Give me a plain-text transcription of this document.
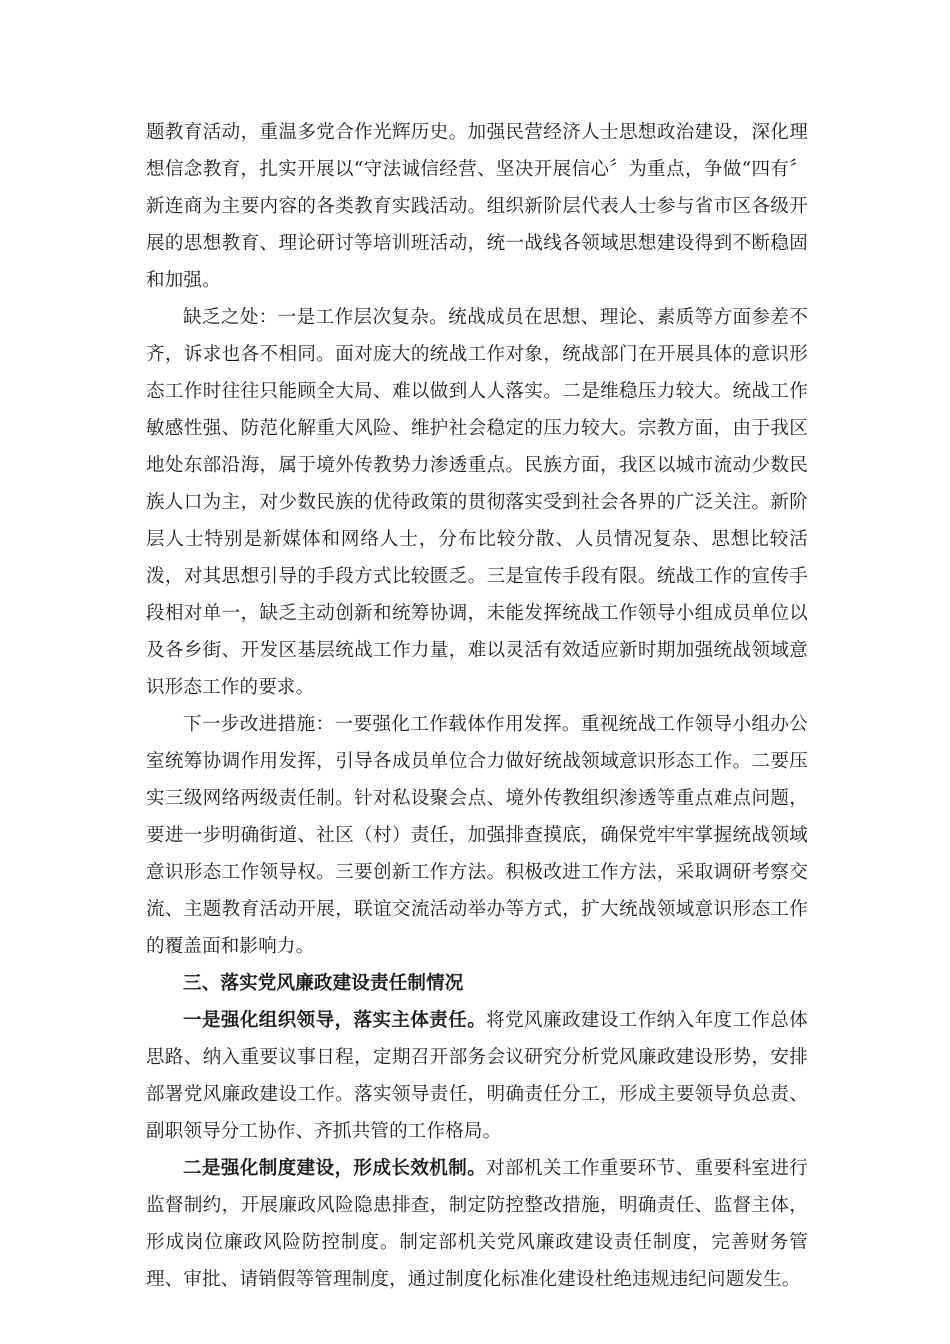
题教育活动，重温多党合作光辉历史。加强民营经济人士思想政治建设，深化理想信念教育，扎实开展以“守法诚信经营、坚决开展信心〞为重点，争做“四有〞新连商为主要内容的各类教育实践活动。组织新阶层代表人士参与省市区各级开展的思想教育、理论研讨等培训班活动，统一战线各领域思想建设得到不断稳固和加强。

缺乏之处：一是工作层次复杂。统战成员在思想、理论、素质等方面参差不齐，诉求也各不相同。面对庞大的统战工作对象，统战部门在开展具体的意识形态工作时往往只能顾全大局、难以做到人人落实。二是维稳压力较大。统战工作敏感性强、防范化解重大风险、维护社会稳定的压力较大。宗教方面，由于我区地处东部沿海，属于境外传教势力渗透重点。民族方面，我区以城市流动少数民族人口为主，对少数民族的优待政策的贯彻落实受到社会各界的广泛关注。新阶层人士特别是新媒体和网络人士，分布比较分散、人员情况复杂、思想比较活泼，对其思想引导的手段方式比较匮乏。三是宣传手段有限。统战工作的宣传手段相对单一，缺乏主动创新和统筹协调，未能发挥统战工作领导小组成员单位以及各乡街、开发区基层统战工作力量，难以灵活有效适应新时期加强统战领域意识形态工作的要求。

下一步改进措施：一要强化工作载体作用发挥。重视统战工作领导小组办公室统筹协调作用发挥，引导各成员单位合力做好统战领域意识形态工作。二要压实三级网络两级责任制。针对私设聚会点、境外传教组织渗透等重点难点问题，要进一步明确街道、社区（村）责任，加强排查摸底，确保党牢牢掌握统战领域意识形态工作领导权。三要创新工作方法。积极改进工作方法，采取调研考察交流、主题教育活动开展，联谊交流活动举办等方式，扩大统战领域意识形态工作的覆盖面和影响力。

三、落实党风廉政建设责任制情况

一是强化组织领导，落实主体责任。将党风廉政建设工作纳入年度工作总体思路、纳入重要议事日程，定期召开部务会议研究分析党风廉政建设形势，安排部署党风廉政建设工作。落实领导责任，明确责任分工，形成主要领导负总责、副职领导分工协作、齐抓共管的工作格局。

二是强化制度建设，形成长效机制。对部机关工作重要环节、重要科室进行监督制约，开展廉政风险隐患排查，制定防控整改措施，明确责任、监督主体，形成岗位廉政风险防控制度。制定部机关党风廉政建设责任制度，完善财务管理、审批、请销假等管理制度，通过制度化标准化建设杜绝违规违纪问题发生。
